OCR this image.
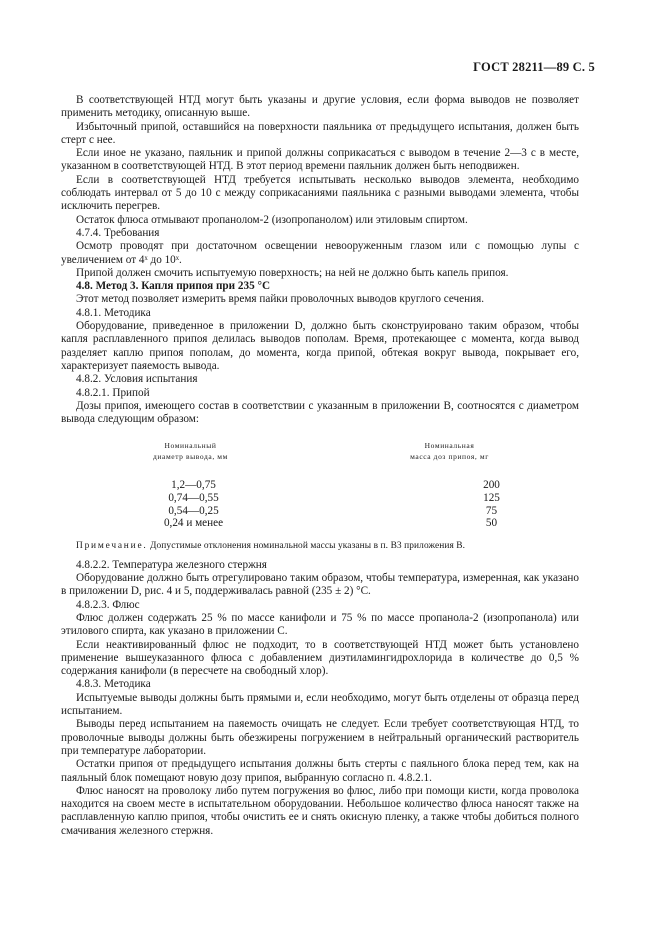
ГОСТ 28211—89 С. 5

В соответствующей НТД могут быть указаны и другие условия, если форма выводов не позволяет применить методику, описанную выше.

Избыточный припой, оставшийся на поверхности паяльника от предыдущего испытания, должен быть стерт с нее.

Если иное не указано, паяльник и припой должны соприкасаться с выводом в течение 2—3 с в месте, указанном в соответствующей НТД. В этот период времени паяльник должен быть неподвижен.

Если в соответствующей НТД требуется испытывать несколько выводов элемента, необходимо соблюдать интервал от 5 до 10 с между соприкасаниями паяльника с разными выводами элемента, чтобы исключить перегрев.

Остаток флюса отмывают пропанолом-2 (изопропанолом) или этиловым спиртом.

4.7.4. Требования

Осмотр проводят при достаточном освещении невооруженным глазом или с помощью лупы с увеличением от 4ˣ до 10ˣ.

Припой должен смочить испытуемую поверхность; на ней не должно быть капель припоя.

4.8. Метод 3. Капля припоя при 235 °С

Этот метод позволяет измерить время пайки проволочных выводов круглого сечения.

4.8.1. Методика

Оборудование, приведенное в приложении D, должно быть сконструировано таким образом, чтобы капля расплавленного припоя делилась выводов пополам. Время, протекающее с момента, когда вывод разделяет каплю припоя пополам, до момента, когда припой, обтекая вокруг вывода, покрывает его, характеризует паяемость вывода.

4.8.2. Условия испытания

4.8.2.1. Припой

Дозы припоя, имеющего состав в соответствии с указанным в приложении В, соотносятся с диаметром вывода следующим образом:

Номинальный
диаметр вывода, мм
1,2—0,75
0,74—0,55
0,54—0,25
0,24 и менее
Номинальная
масса доз припоя, мг
200
125
75
50

Примечание. Допустимые отклонения номинальной массы указаны в п. В3 приложения В.

4.8.2.2. Температура железного стержня

Оборудование должно быть отрегулировано таким образом, чтобы температура, измеренная, как указано в приложении D, рис. 4 и 5, поддерживалась равной (235 ± 2) °С.

4.8.2.3. Флюс

Флюс должен содержать 25 % по массе канифоли и 75 % по массе пропанола-2 (изопропанола) или этилового спирта, как указано в приложении С.

Если неактивированный флюс не подходит, то в соответствующей НТД может быть установлено применение вышеуказанного флюса с добавлением диэтиламингидрохлорида в количестве до 0,5 % содержания канифоли (в пересчете на свободный хлор).

4.8.3. Методика

Испытуемые выводы должны быть прямыми и, если необходимо, могут быть отделены от образца перед испытанием.

Выводы перед испытанием на паяемость очищать не следует. Если требует соответствующая НТД, то проволочные выводы должны быть обезжирены погружением в нейтральный органический растворитель при температуре лаборатории.

Остатки припоя от предыдущего испытания должны быть стерты с паяльного блока перед тем, как на паяльный блок помещают новую дозу припоя, выбранную согласно п. 4.8.2.1.

Флюс наносят на проволоку либо путем погружения во флюс, либо при помощи кисти, когда проволока находится на своем месте в испытательном оборудовании. Небольшое количество флюса наносят также на расплавленную каплю припоя, чтобы очистить ее и снять окисную пленку, а также чтобы добиться полного смачивания железного стержня.
